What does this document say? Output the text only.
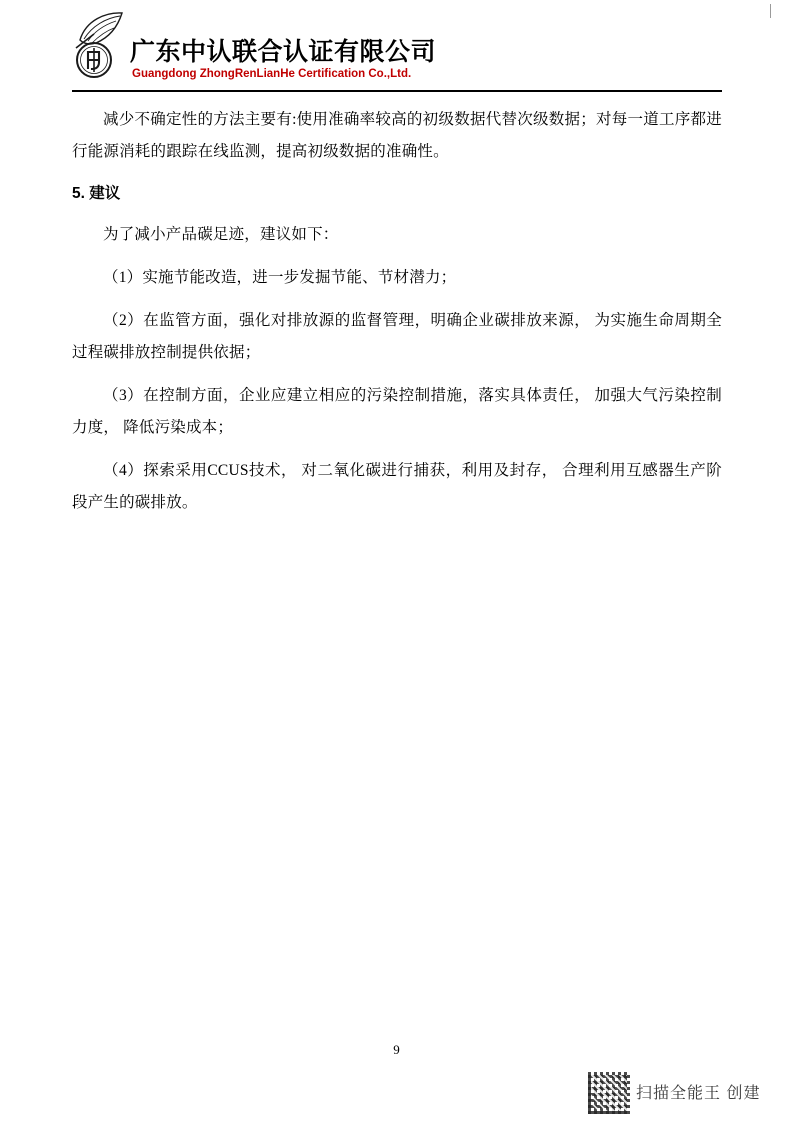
广东中认联合认证有限公司
Guangdong ZhongRenLianHe Certification Co.,Ltd.

减少不确定性的方法主要有:使用准确率较高的初级数据代替次级数据；对每一道工序都进行能源消耗的跟踪在线监测，提高初级数据的准确性。

5. 建议

为了减小产品碳足迹，建议如下：

（1）实施节能改造，进一步发掘节能、节材潜力；

（2）在监管方面，强化对排放源的监督管理，明确企业碳排放来源， 为实施生命周期全过程碳排放控制提供依据；

（3）在控制方面，企业应建立相应的污染控制措施，落实具体责任， 加强大气污染控制力度， 降低污染成本；

（4）探索采用CCUS技术， 对二氧化碳进行捕获，利用及封存， 合理利用互感器生产阶段产生的碳排放。

9
扫描全能王 创建
